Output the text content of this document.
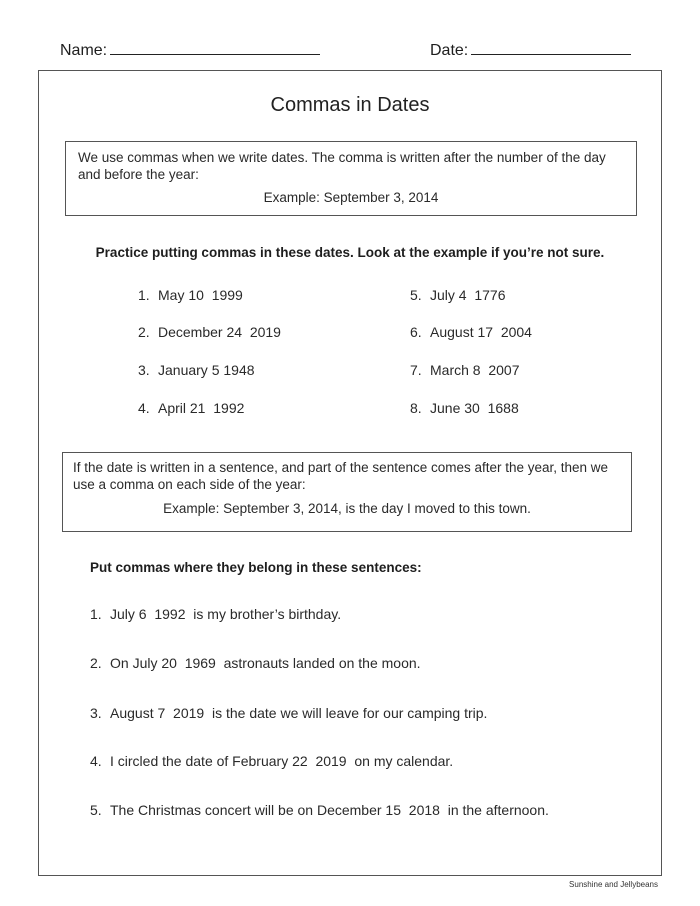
Name:	Date:
Commas in Dates
We use commas when we write dates. The comma is written after the number of the day and before the year:
Example: September 3, 2014
Practice putting commas in these dates. Look at the example if you’re not sure.
1. May 10  1999
2. December 24  2019
3. January 5 1948
4. April 21  1992
5. July 4  1776
6. August 17  2004
7. March 8  2007
8. June 30  1688
If the date is written in a sentence, and part of the sentence comes after the year, then we use a comma on each side of the year:
Example: September 3, 2014, is the day I moved to this town.
Put commas where they belong in these sentences:
1. July 6  1992  is my brother’s birthday.
2. On July 20  1969  astronauts landed on the moon.
3. August 7  2019  is the date we will leave for our camping trip.
4. I circled the date of February 22  2019  on my calendar.
5. The Christmas concert will be on December 15  2018  in the afternoon.
Sunshine and Jellybeans
